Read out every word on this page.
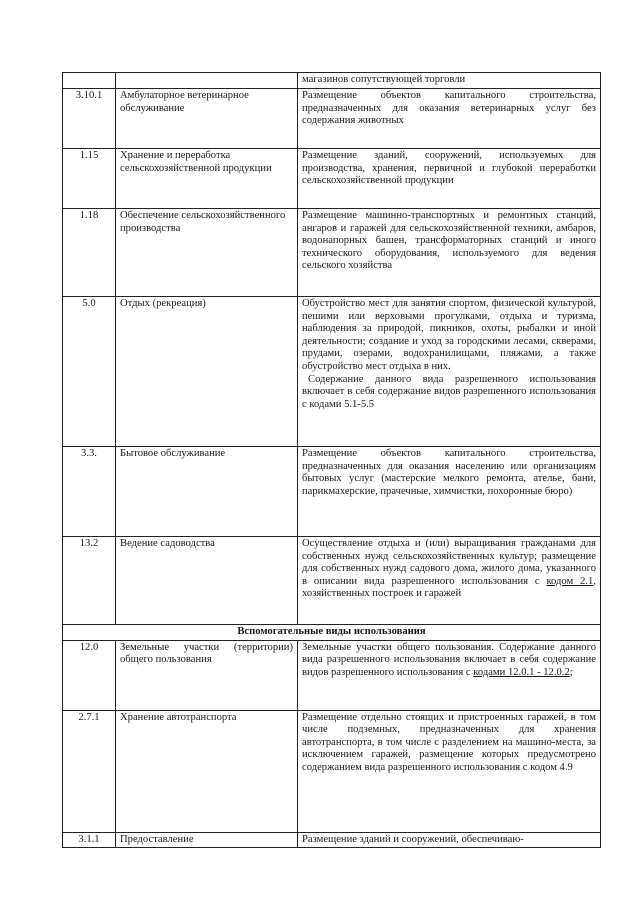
		магазинов сопутствующей торговли
3.10.1	Амбулаторное ветеринарное обслуживание	Размещение объектов капитального строительства, предназначенных для оказания ветеринарных услуг без содержания животных
1.15	Хранение и переработка сельскохозяйственной продукции	Размещение зданий, сооружений, используемых для производства, хранения, первичной и глубокой переработки сельскохозяйственной продукции
1.18	Обеспечение сельскохозяйственного производства	Размещение машинно-транспортных и ремонтных станций, ангаров и гаражей для сельскохозяйственной техники, амбаров, водонапорных башен, трансформаторных станций и иного технического оборудования, используемого для ведения сельского хозяйства
5.0	Отдых (рекреация)	Обустройство мест для занятия спортом, физической культурой, пешими или верховыми прогулками, отдыха и туризма, наблюдения за природой, пикников, охоты, рыбалки и иной деятельности; создание и уход за городскими лесами, скверами, прудами, озерами, водохранилищами, пляжами, а также обустройство мест отдыха в них.
Содержание данного вида разрешенного использования включает в себя содержание видов разрешенного использования с кодами 5.1-5.5

3.3.	Бытовое обслуживание	Размещение объектов капитального строительства, предназначенных для оказания населению или организациям бытовых услуг (мастерские мелкого ремонта, ателье, бани, парикмахерские, прачечные, химчистки, похоронные бюро)
13.2	Ведение садоводства	Осуществление отдыха и (или) выращивания гражданами для собственных нужд сельскохозяйственных культур; размещение для собственных нужд садового дома, жилого дома, указанного в описании вида разрешенного использования с кодом 2.1, хозяйственных построек и гаражей
Вспомогательные виды использования		
12.0	Земельные участки (территории) общего пользования	Земельные участки общего пользования. Содержание данного вида разрешенного использования включает в себя содержание видов разрешенного использования с кодами 12.0.1 - 12.0.2;
2.7.1	Хранение автотранспорта	Размещение отдельно стоящих и пристроенных гаражей, в том числе подземных, предназначенных для хранения автотранспорта, в том числе с разделением на машино-места, за исключением гаражей, размещение которых предусмотрено содержанием вида разрешенного использования с кодом 4.9
3.1.1	Предоставление	Размещение зданий и сооружений, обеспечиваю-
